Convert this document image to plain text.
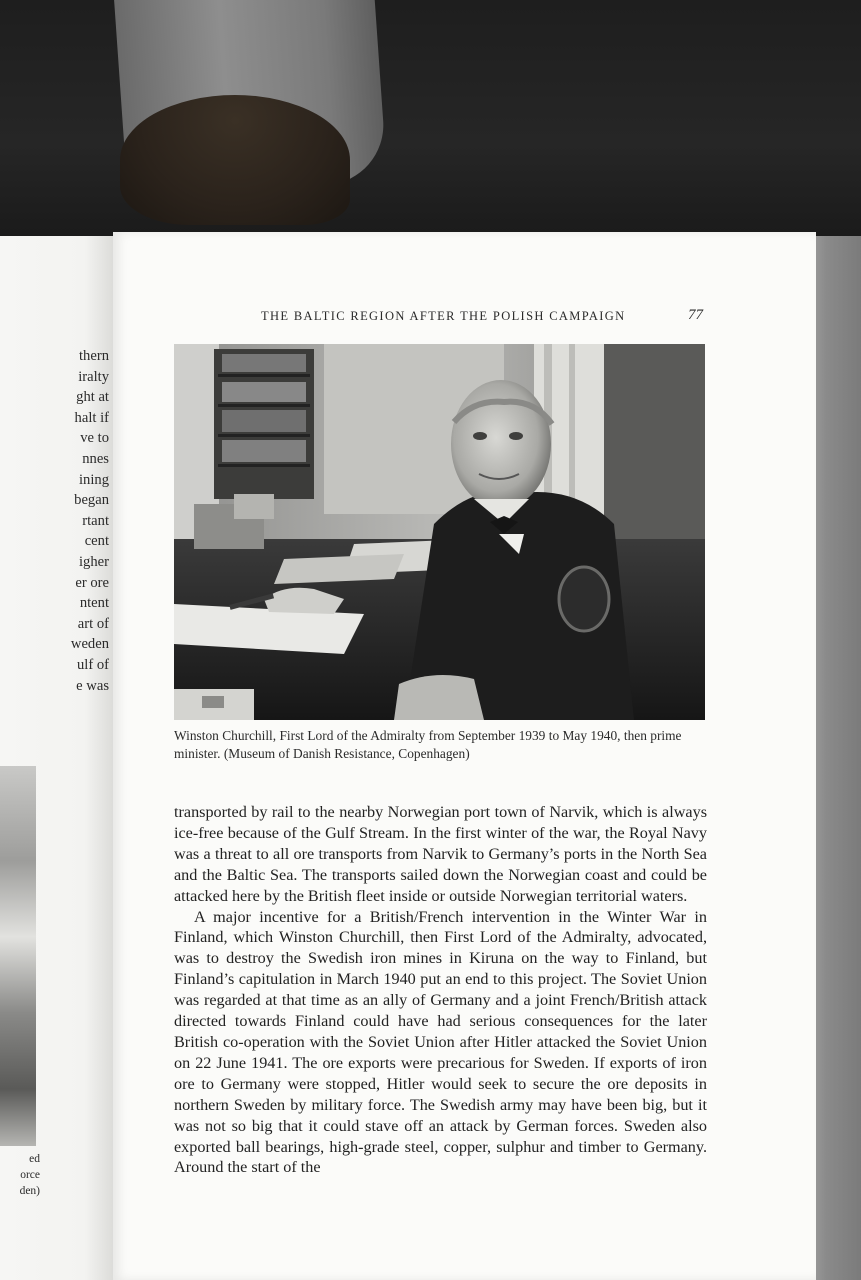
thern
iralty
ght at
halt if
ve to
nnes
ining
began
rtant
cent
igher
er ore
ntent
art of
weden
ulf of
e was
ed
orce
den)
THE BALTIC REGION AFTER THE POLISH CAMPAIGN	77
Winston Churchill, First Lord of the Admiralty from September 1939 to May 1940, then prime minister. (Museum of Danish Resistance, Copenhagen)

transported by rail to the nearby Norwegian port town of Narvik, which is always ice-free because of the Gulf Stream. In the first winter of the war, the Royal Navy was a threat to all ore transports from Narvik to Germany’s ports in the North Sea and the Baltic Sea. The transports sailed down the Norwegian coast and could be attacked here by the British fleet inside or outside Norwegian territorial waters.

A major incentive for a British/French intervention in the Winter War in Finland, which Winston Churchill, then First Lord of the Admiralty, advocated, was to destroy the Swedish iron mines in Kiruna on the way to Finland, but Finland’s capitulation in March 1940 put an end to this project. The Soviet Union was regarded at that time as an ally of Germany and a joint French/British attack directed towards Finland could have had serious consequences for the later British co-operation with the Soviet Union after Hitler attacked the Soviet Union on 22 June 1941. The ore exports were precarious for Sweden. If exports of iron ore to Germany were stopped, Hitler would seek to secure the ore deposits in northern Sweden by military force. The Swedish army may have been big, but it was not so big that it could stave off an attack by German forces. Sweden also exported ball bearings, high-grade steel, copper, sulphur and timber to Germany. Around the start of the
